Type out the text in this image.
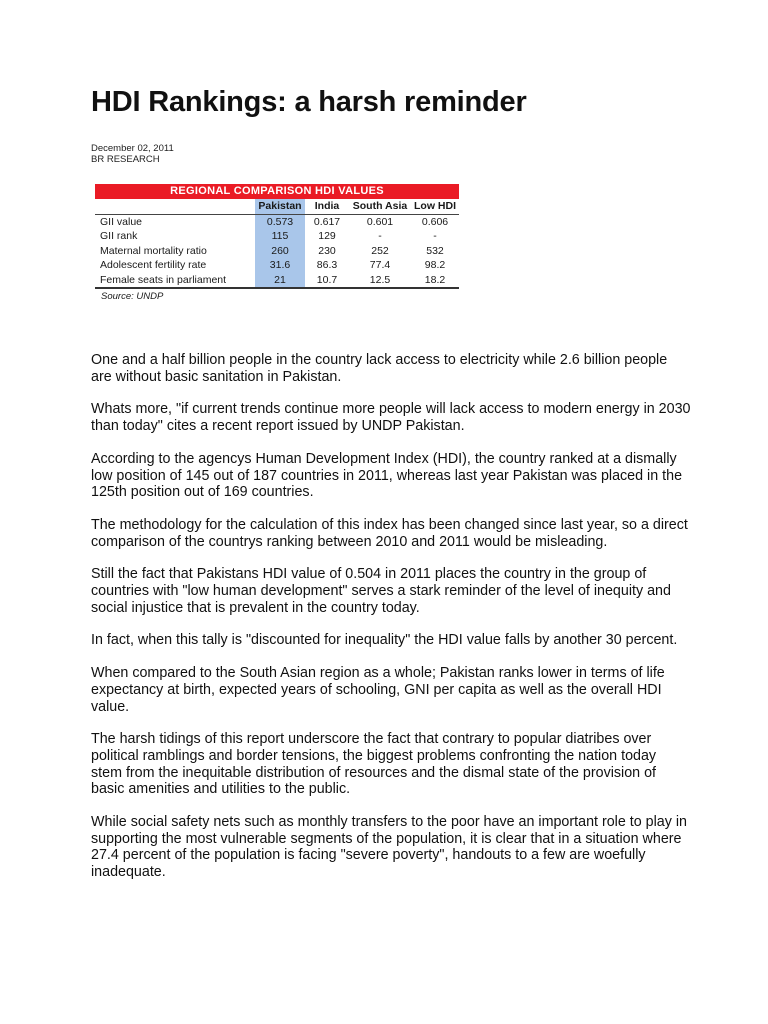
HDI Rankings: a harsh reminder
December 02, 2011
BR RESEARCH
REGIONAL COMPARISON HDI VALUES
	Pakistan	India	South Asia	Low HDI
GII value	0.573	0.617	0.601	0.606
GII rank	115	129	-	-
Maternal mortality ratio	260	230	252	532
Adolescent fertility rate	31.6	86.3	77.4	98.2
Female seats in parliament	21	10.7	12.5	18.2
Source: UNDP

One and a half billion people in the country lack access to electricity while 2.6 billion people are without basic sanitation in Pakistan.

Whats more, "if current trends continue more people will lack access to modern energy in 2030 than today" cites a recent report issued by UNDP Pakistan.

According to the agencys Human Development Index (HDI), the country ranked at a dismally low position of 145 out of 187 countries in 2011, whereas last year Pakistan was placed in the 125th position out of 169 countries.

The methodology for the calculation of this index has been changed since last year, so a direct comparison of the countrys ranking between 2010 and 2011 would be misleading.

Still the fact that Pakistans HDI value of 0.504 in 2011 places the country in the group of countries with "low human development" serves a stark reminder of the level of inequity and social injustice that is prevalent in the country today.

In fact, when this tally is "discounted for inequality" the HDI value falls by another 30 percent.

When compared to the South Asian region as a whole; Pakistan ranks lower in terms of life expectancy at birth, expected years of schooling, GNI per capita as well as the overall HDI value.

The harsh tidings of this report underscore the fact that contrary to popular diatribes over political ramblings and border tensions, the biggest problems confronting the nation today stem from the inequitable distribution of resources and the dismal state of the provision of basic amenities and utilities to the public.

While social safety nets such as monthly transfers to the poor have an important role to play in supporting the most vulnerable segments of the population, it is clear that in a situation where 27.4 percent of the population is facing "severe poverty", handouts to a few are woefully inadequate.
